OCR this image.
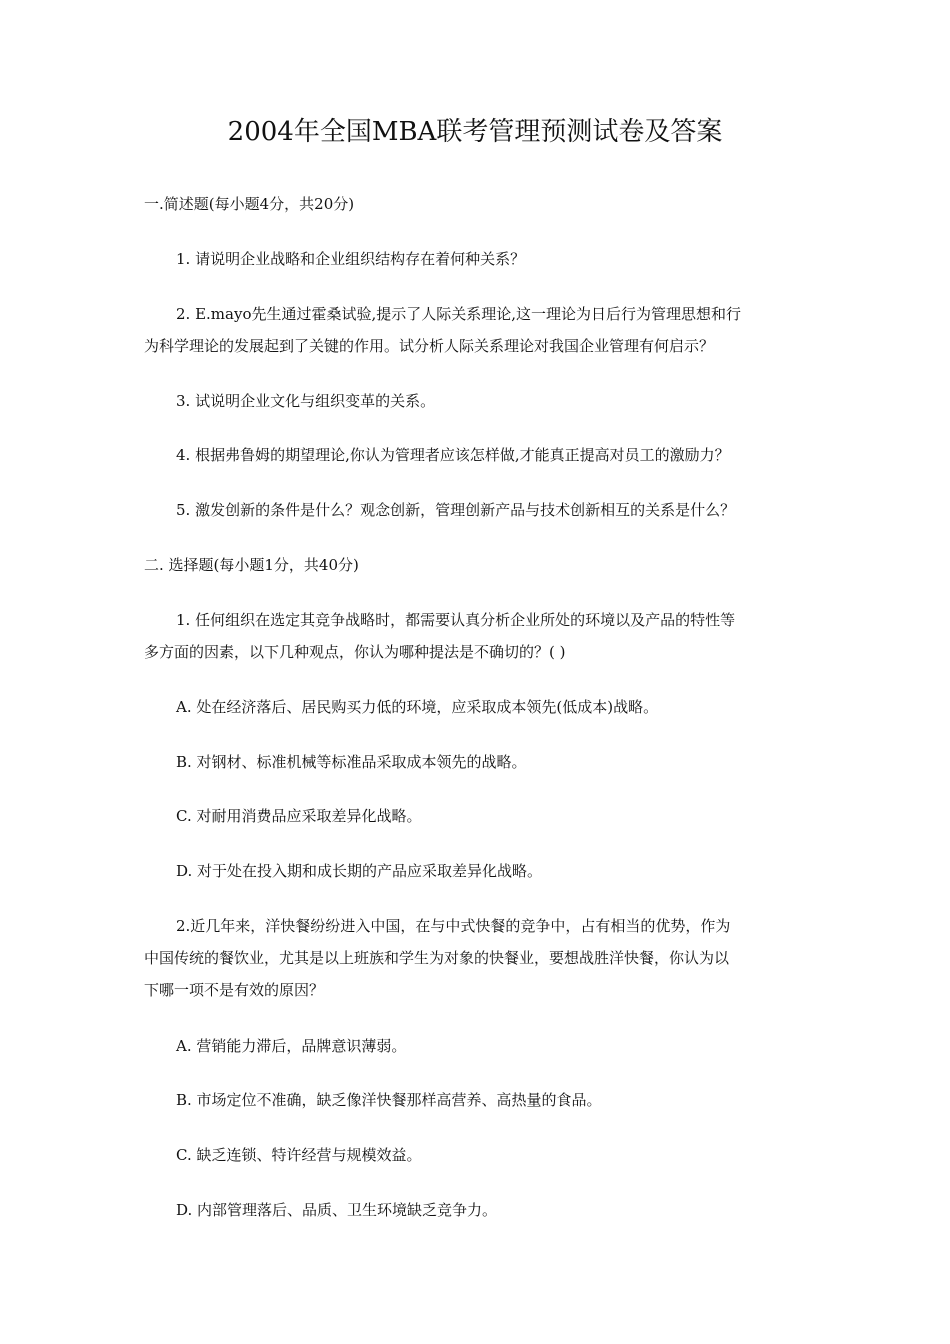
2004年全国MBA联考管理预测试卷及答案
一.简述题(每小题4分，共20分)
1. 请说明企业战略和企业组织结构存在着何种关系？
2. E.mayo先生通过霍桑试验,提示了人际关系理论,这一理论为日后行为管理思想和行
为科学理论的发展起到了关键的作用。试分析人际关系理论对我国企业管理有何启示？
3. 试说明企业文化与组织变革的关系。
4. 根据弗鲁姆的期望理论,你认为管理者应该怎样做,才能真正提高对员工的激励力？
5. 激发创新的条件是什么？观念创新，管理创新产品与技术创新相互的关系是什么？
二. 选择题(每小题1分，共40分)
1. 任何组织在选定其竞争战略时，都需要认真分析企业所处的环境以及产品的特性等
多方面的因素，以下几种观点，你认为哪种提法是不确切的？( )
A. 处在经济落后、居民购买力低的环境，应采取成本领先(低成本)战略。
B. 对钢材、标准机械等标准品采取成本领先的战略。
C. 对耐用消费品应采取差异化战略。
D. 对于处在投入期和成长期的产品应采取差异化战略。
2.近几年来，洋快餐纷纷进入中国，在与中式快餐的竞争中，占有相当的优势，作为
中国传统的餐饮业，尤其是以上班族和学生为对象的快餐业，要想战胜洋快餐，你认为以
下哪一项不是有效的原因？
A. 营销能力滞后，品牌意识薄弱。
B. 市场定位不准确，缺乏像洋快餐那样高营养、高热量的食品。
C. 缺乏连锁、特许经营与规模效益。
D. 内部管理落后、品质、卫生环境缺乏竞争力。
